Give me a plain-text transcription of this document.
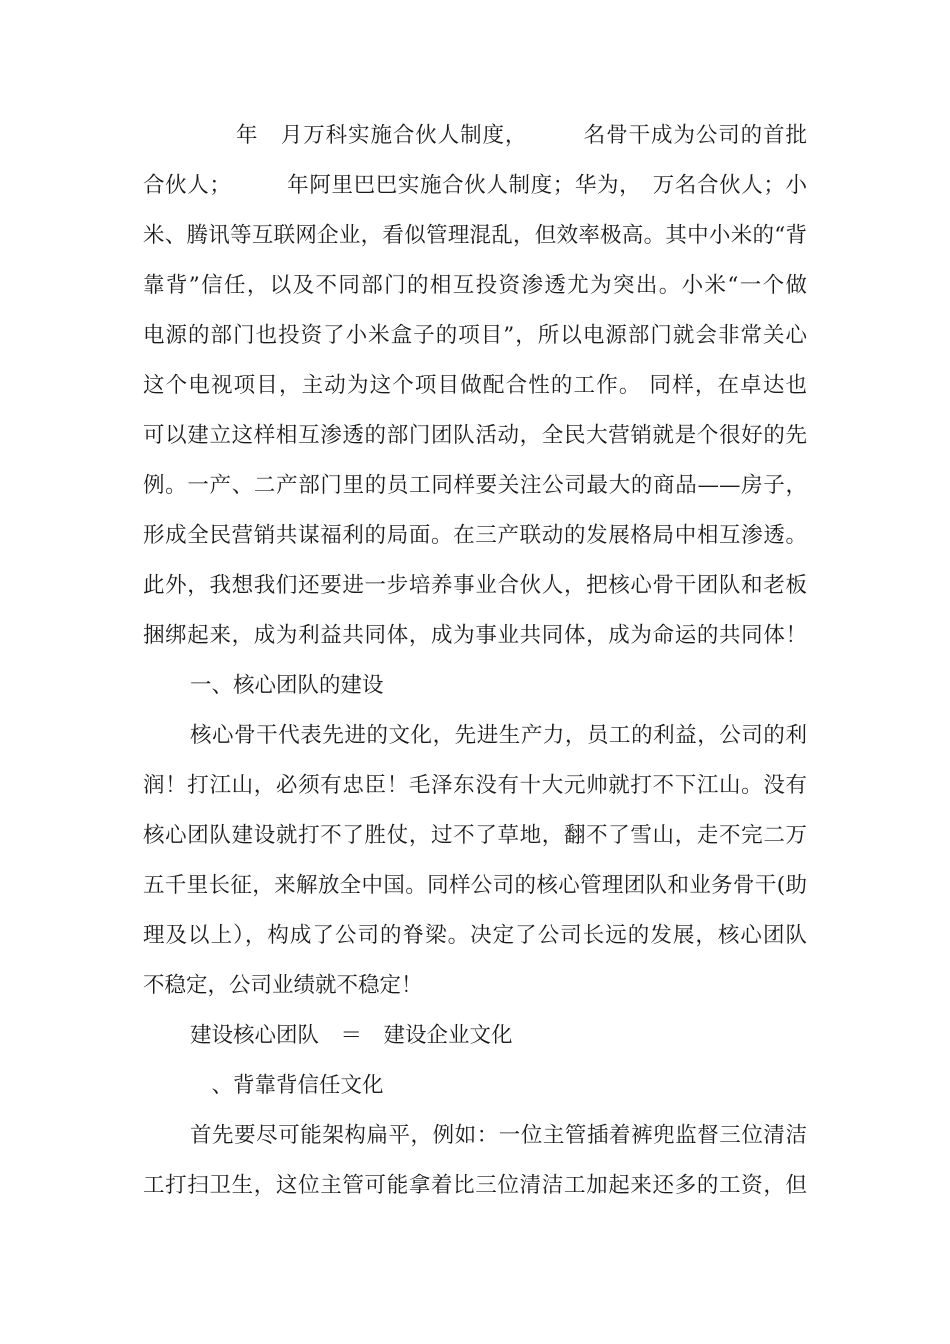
年　月万科实施合伙人制度，　　　名骨干成为公司的首批
合伙人；　　　年阿里巴巴实施合伙人制度；华为，　万名合伙人；小
米、腾讯等互联网企业，看似管理混乱，但效率极高。其中小米的“背
靠背”信任，以及不同部门的相互投资渗透尤为突出。小米“一个做
电源的部门也投资了小米盒子的项目”，所以电源部门就会非常关心
这个电视项目，主动为这个项目做配合性的工作。 同样，在卓达也
可以建立这样相互渗透的部门团队活动，全民大营销就是个很好的先
例。一产、二产部门里的员工同样要关注公司最大的商品——房子，
形成全民营销共谋福利的局面。在三产联动的发展格局中相互渗透。
此外，我想我们还要进一步培养事业合伙人，把核心骨干团队和老板
捆绑起来，成为利益共同体，成为事业共同体，成为命运的共同体！
一、核心团队的建设
核心骨干代表先进的文化，先进生产力，员工的利益，公司的利
润！打江山，必须有忠臣！毛泽东没有十大元帅就打不下江山。没有
核心团队建设就打不了胜仗，过不了草地，翻不了雪山，走不完二万
五千里长征，来解放全中国。同样公司的核心管理团队和业务骨干(助
理及以上），构成了公司的脊梁。决定了公司长远的发展，核心团队
不稳定，公司业绩就不稳定！
建设核心团队　＝　建设企业文化
　、背靠背信任文化
首先要尽可能架构扁平，例如：一位主管插着裤兜监督三位清洁
工打扫卫生，这位主管可能拿着比三位清洁工加起来还多的工资，但
